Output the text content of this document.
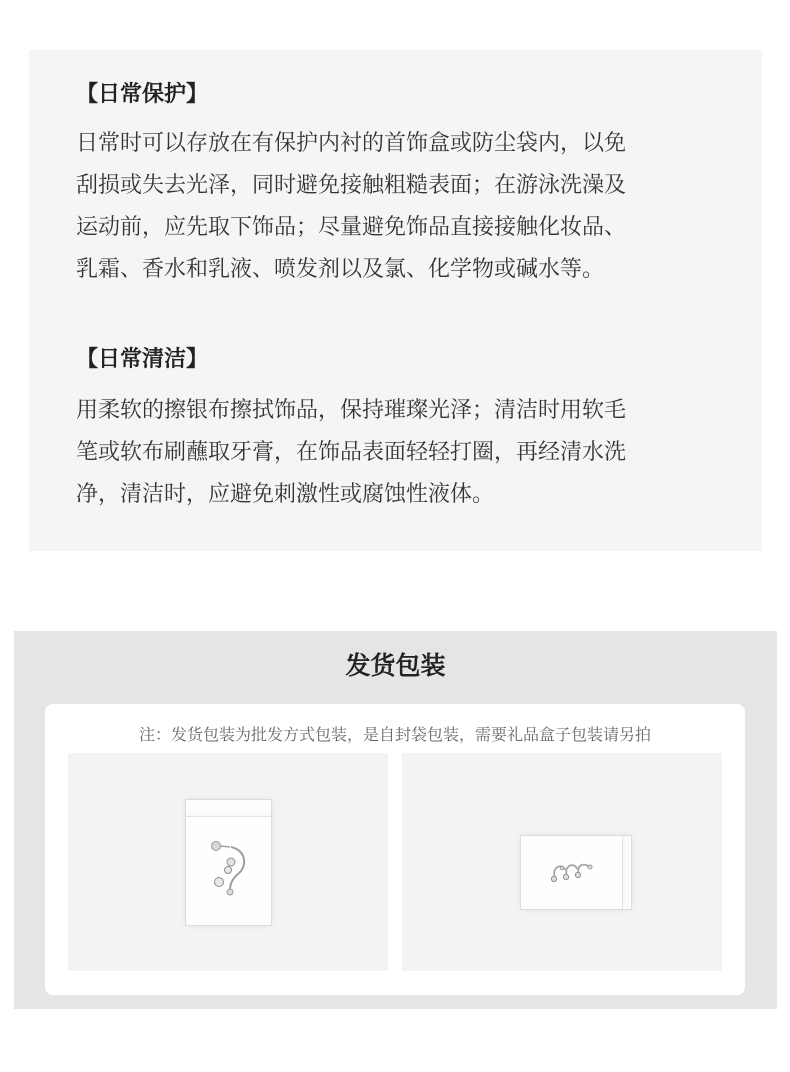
【日常保护】
日常时可以存放在有保护内衬的首饰盒或防尘袋内，以免
刮损或失去光泽，同时避免接触粗糙表面；在游泳洗澡及
运动前，应先取下饰品；尽量避免饰品直接接触化妆品、
乳霜、香水和乳液、喷发剂以及氯、化学物或碱水等。
【日常清洁】
用柔软的擦银布擦拭饰品，保持璀璨光泽；清洁时用软毛
笔或软布刷蘸取牙膏，在饰品表面轻轻打圈，再经清水洗
净，清洁时，应避免刺激性或腐蚀性液体。
发货包装

注：发货包装为批发方式包装，是自封袋包装，需要礼品盒子包装请另拍
